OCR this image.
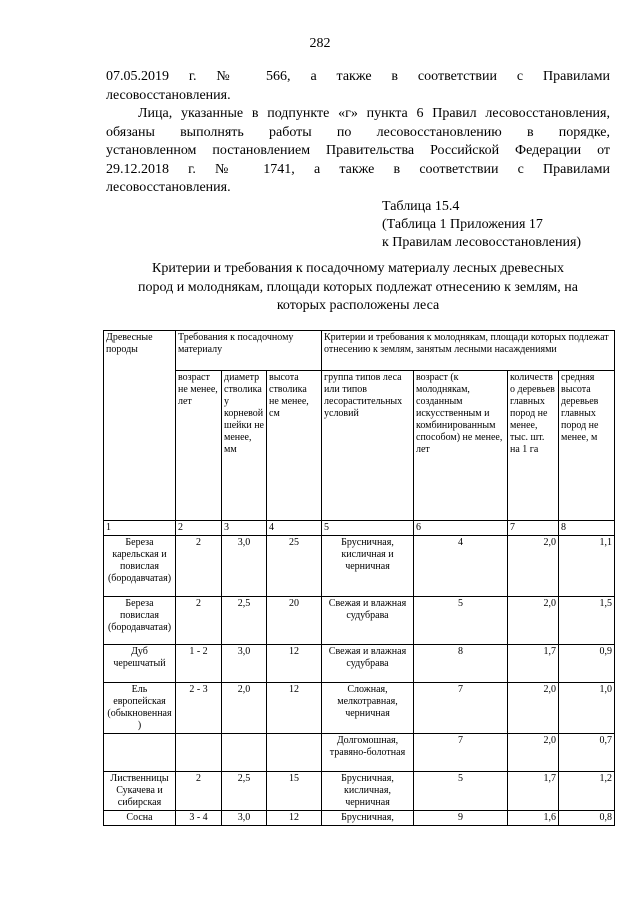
282

07.05.2019 г. № 566, а также в соответствии с Правилами
лесовосстановления.

Лица, указанные в подпункте «г» пункта 6 Правил лесовосстановления,
обязаны выполнять работы по лесовосстановлению в порядке,
установленном постановлением Правительства Российской Федерации от
29.12.2018 г. № 1741, а также в соответствии с Правилами
лесовосстановления.

Таблица 15.4
(Таблица 1 Приложения 17
к Правилам лесовосстановления)
Критерии и требования к посадочному материалу лесных древесных
пород и молоднякам, площади которых подлежат отнесению к землям, на
которых расположены леса
Древесные породы	Требования к посадочному материалу			Критерии и требования к молоднякам, площади которых подлежат отнесению к землям, занятым лесными насаждениями			
	возраст не менее, лет	диаметр стволика у корневой шейки не менее, мм	высота стволика не менее, см	группа типов леса или типов лесорастительных условий	возраст (к молоднякам, созданным искусственным и комбинированным способом) не менее, лет	количество деревьев главных пород не менее, тыс. шт. на 1 га	средняя высота деревьев главных пород не менее, м
1	2	3	4	5	6	7	8
Береза карельская и повислая (бородавчатая)	2	3,0	25	Брусничная, кисличная и черничная	4	2,0	1,1
Береза повислая (бородавчатая)	2	2,5	20	Свежая и влажная судубрава	5	2,0	1,5
Дуб черешчатый	1 - 2	3,0	12	Свежая и влажная судубрава	8	1,7	0,9
Ель европейская (обыкновенная)	2 - 3	2,0	12	Сложная, мелкотравная, черничная	7	2,0	1,0
				Долгомошная, травяно-болотная	7	2,0	0,7
Лиственницы Сукачева и сибирская	2	2,5	15	Брусничная, кисличная, черничная	5	1,7	1,2
Сосна	3 - 4	3,0	12	Брусничная,	9	1,6	0,8
